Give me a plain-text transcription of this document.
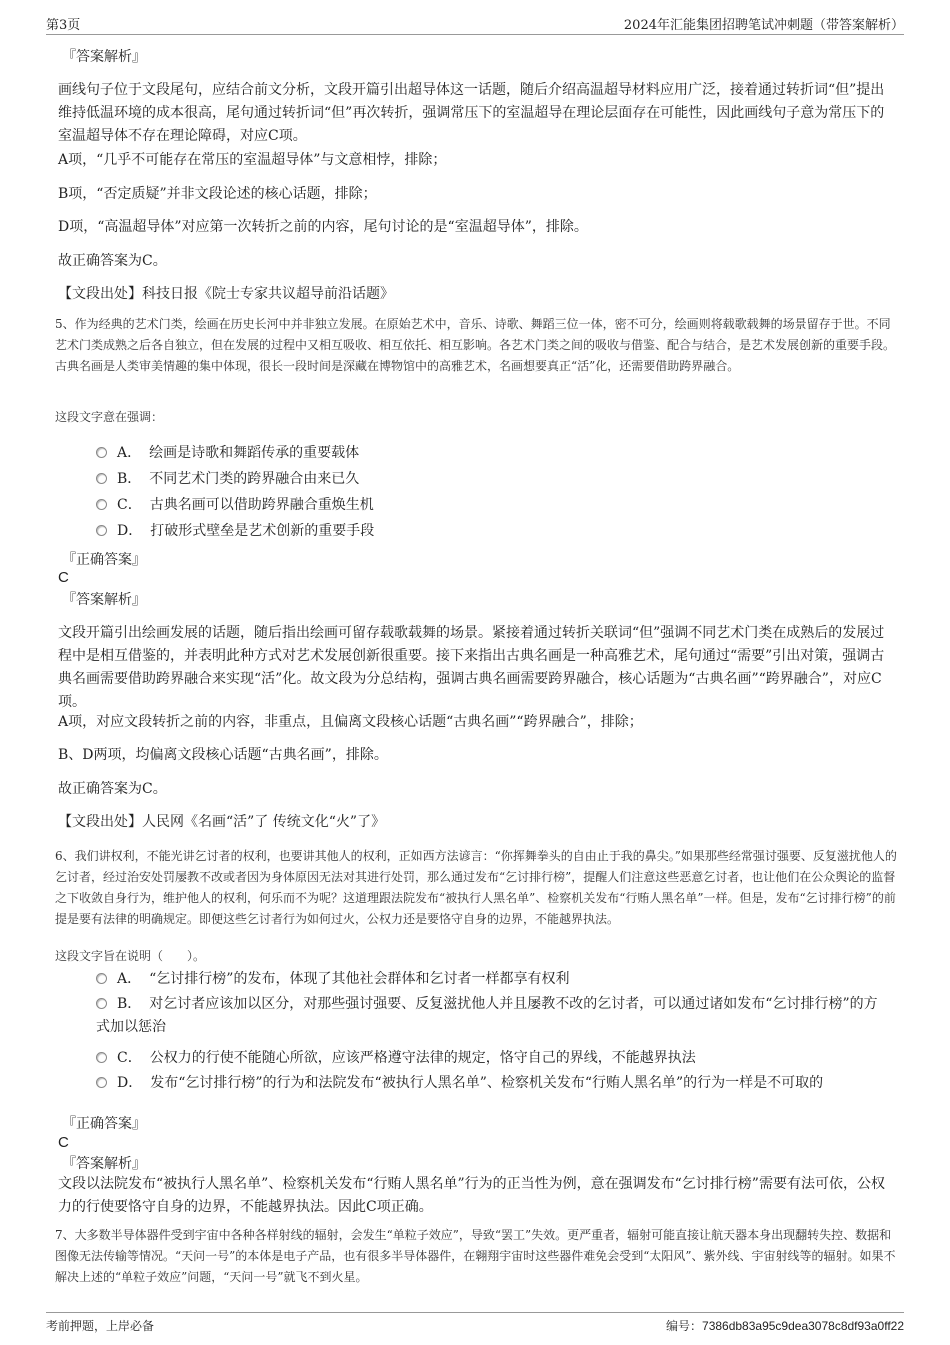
第3页	2024年汇能集团招聘笔试冲刺题（带答案解析）
『答案解析』
画线句子位于文段尾句，应结合前文分析，文段开篇引出超导体这一话题，随后介绍高温超导材料应用广泛，接着通过转折词“但”提出维持低温环境的成本很高，尾句通过转折词“但”再次转折，强调常压下的室温超导在理论层面存在可能性，因此画线句子意为常压下的室温超导体不存在理论障碍，对应C项。
A项，“几乎不可能存在常压的室温超导体”与文意相悖，排除；
B项，“否定质疑”并非文段论述的核心话题，排除；
D项，“高温超导体”对应第一次转折之前的内容，尾句讨论的是“室温超导体”，排除。
故正确答案为C。
【文段出处】科技日报《院士专家共议超导前沿话题》
5、作为经典的艺术门类，绘画在历史长河中并非独立发展。在原始艺术中，音乐、诗歌、舞蹈三位一体，密不可分，绘画则将载歌载舞的场景留存于世。不同艺术门类成熟之后各自独立，但在发展的过程中又相互吸收、相互依托、相互影响。各艺术门类之间的吸收与借鉴、配合与结合，是艺术发展创新的重要手段。古典名画是人类审美情趣的集中体现，很长一段时间是深藏在博物馆中的高雅艺术，名画想要真正“活”化，还需要借助跨界融合。
这段文字意在强调：
A． 绘画是诗歌和舞蹈传承的重要载体
B． 不同艺术门类的跨界融合由来已久
C． 古典名画可以借助跨界融合重焕生机
D． 打破形式壁垒是艺术创新的重要手段
『正确答案』
C
『答案解析』
文段开篇引出绘画发展的话题，随后指出绘画可留存载歌载舞的场景。紧接着通过转折关联词“但”强调不同艺术门类在成熟后的发展过程中是相互借鉴的，并表明此种方式对艺术发展创新很重要。接下来指出古典名画是一种高雅艺术，尾句通过“需要”引出对策，强调古典名画需要借助跨界融合来实现“活”化。故文段为分总结构，强调古典名画需要跨界融合，核心话题为“古典名画”“跨界融合”，对应C项。
A项，对应文段转折之前的内容，非重点，且偏离文段核心话题“古典名画”“跨界融合”，排除；
B、D两项，均偏离文段核心话题“古典名画”，排除。
故正确答案为C。
【文段出处】人民网《名画“活”了 传统文化“火”了》
6、我们讲权利，不能光讲乞讨者的权利，也要讲其他人的权利，正如西方法谚言：“你挥舞拳头的自由止于我的鼻尖。”如果那些经常强讨强要、反复滋扰他人的乞讨者，经过治安处罚屡教不改或者因为身体原因无法对其进行处罚，那么通过发布“乞讨排行榜”，提醒人们注意这些恶意乞讨者，也让他们在公众舆论的监督之下收敛自身行为，维护他人的权利，何乐而不为呢？这道理跟法院发布“被执行人黑名单”、检察机关发布“行贿人黑名单”一样。但是，发布“乞讨排行榜”的前提是要有法律的明确规定。即便这些乞讨者行为如何过火，公权力还是要恪守自身的边界，不能越界执法。
这段文字旨在说明（　　）。
A． “乞讨排行榜”的发布，体现了其他社会群体和乞讨者一样都享有权利
B． 对乞讨者应该加以区分，对那些强讨强要、反复滋扰他人并且屡教不改的乞讨者，可以通过诸如发布“乞讨排行榜”的方式加以惩治
C． 公权力的行使不能随心所欲，应该严格遵守法律的规定，恪守自己的界线，不能越界执法
D． 发布“乞讨排行榜”的行为和法院发布“被执行人黑名单”、检察机关发布“行贿人黑名单”的行为一样是不可取的
『正确答案』
C
『答案解析』
文段以法院发布“被执行人黑名单”、检察机关发布“行贿人黑名单”行为的正当性为例，意在强调发布“乞讨排行榜”需要有法可依，公权力的行使要恪守自身的边界，不能越界执法。因此C项正确。
7、大多数半导体器件受到宇宙中各种各样射线的辐射，会发生“单粒子效应”，导致“罢工”失效。更严重者，辐射可能直接让航天器本身出现翻转失控、数据和图像无法传输等情况。“天问一号”的本体是电子产品，也有很多半导体器件，在翱翔宇宙时这些器件难免会受到“太阳风”、紫外线、宇宙射线等的辐射。如果不解决上述的“单粒子效应”问题，“天问一号”就飞不到火星。
考前押题，上岸必备	编号：7386db83a95c9dea3078c8df93a0ff22
